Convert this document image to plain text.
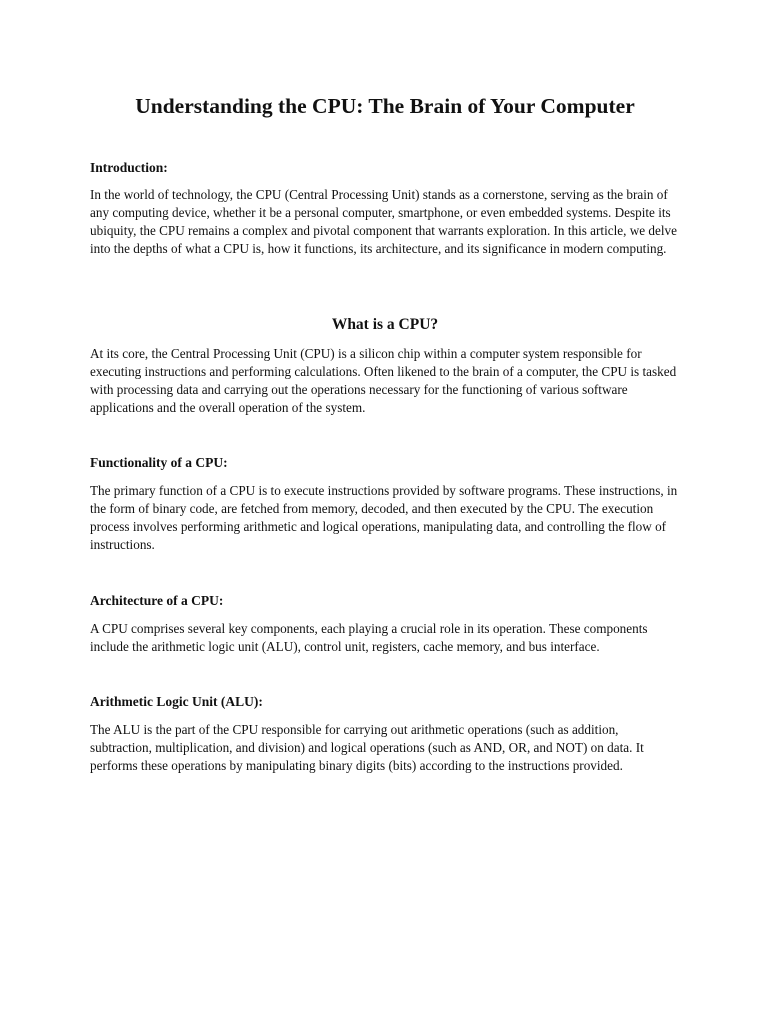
Understanding the CPU: The Brain of Your Computer
Introduction:

In the world of technology, the CPU (Central Processing Unit) stands as a cornerstone, serving as the brain of any computing device, whether it be a personal computer, smartphone, or even embedded systems. Despite its ubiquity, the CPU remains a complex and pivotal component that warrants exploration. In this article, we delve into the depths of what a CPU is, how it functions, its architecture, and its significance in modern computing.

What is a CPU?

At its core, the Central Processing Unit (CPU) is a silicon chip within a computer system responsible for executing instructions and performing calculations. Often likened to the brain of a computer, the CPU is tasked with processing data and carrying out the operations necessary for the functioning of various software applications and the overall operation of the system.

Functionality of a CPU:

The primary function of a CPU is to execute instructions provided by software programs. These instructions, in the form of binary code, are fetched from memory, decoded, and then executed by the CPU. The execution process involves performing arithmetic and logical operations, manipulating data, and controlling the flow of instructions.

Architecture of a CPU:

A CPU comprises several key components, each playing a crucial role in its operation. These components include the arithmetic logic unit (ALU), control unit, registers, cache memory, and bus interface.

Arithmetic Logic Unit (ALU):

The ALU is the part of the CPU responsible for carrying out arithmetic operations (such as addition, subtraction, multiplication, and division) and logical operations (such as AND, OR, and NOT) on data. It performs these operations by manipulating binary digits (bits) according to the instructions provided.
